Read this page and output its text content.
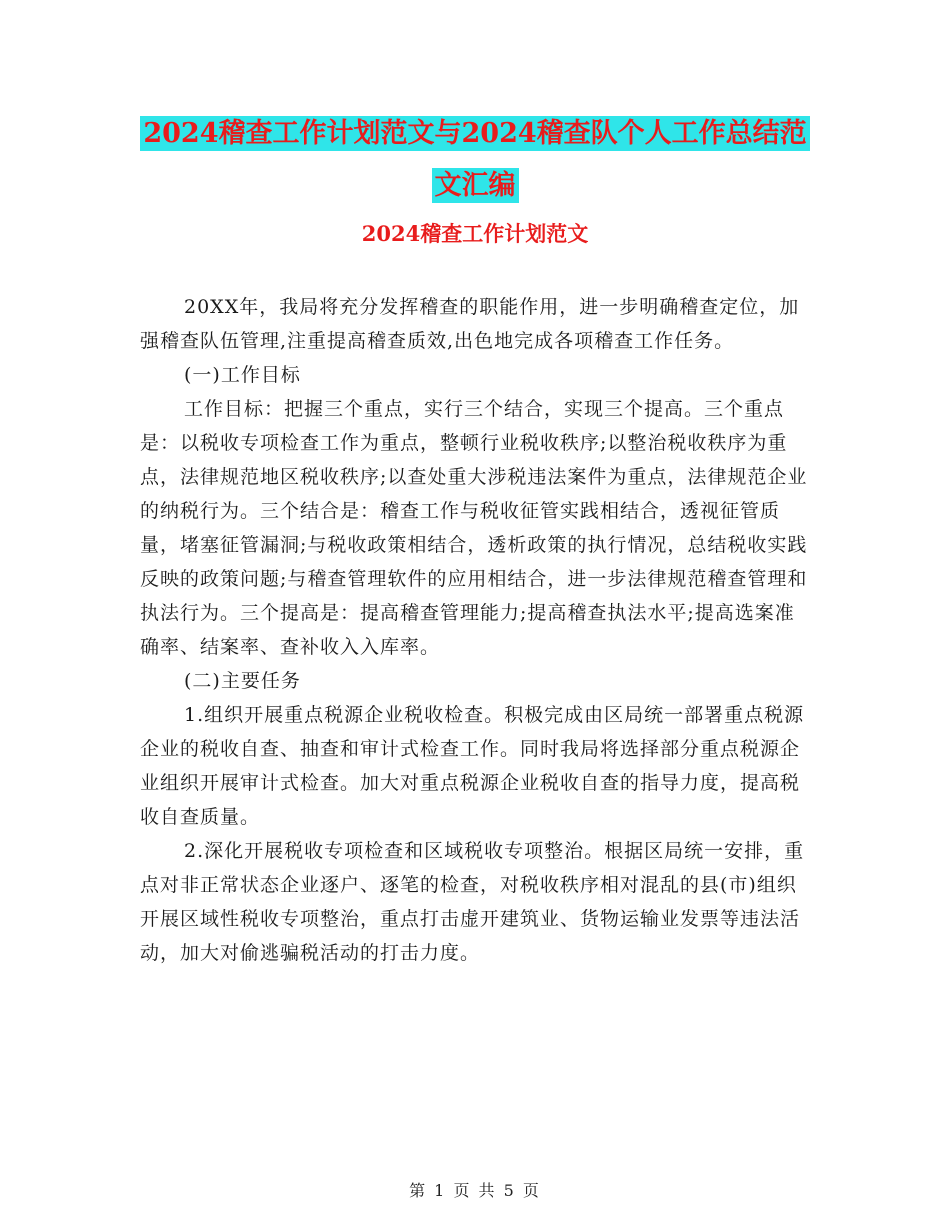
2024稽查工作计划范文与2024稽查队个人工作总结范
文汇编
2024稽查工作计划范文

20XX年，我局将充分发挥稽查的职能作用，进一步明确稽查定位，加强稽查队伍管理,注重提高稽查质效,出色地完成各项稽查工作任务。

(一)工作目标

工作目标：把握三个重点，实行三个结合，实现三个提高。三个重点是：以税收专项检查工作为重点，整顿行业税收秩序;以整治税收秩序为重点，法律规范地区税收秩序;以查处重大涉税违法案件为重点，法律规范企业的纳税行为。三个结合是：稽查工作与税收征管实践相结合，透视征管质量，堵塞征管漏洞;与税收政策相结合，透析政策的执行情况，总结税收实践反映的政策问题;与稽查管理软件的应用相结合，进一步法律规范稽查管理和执法行为。三个提高是：提高稽查管理能力;提高稽查执法水平;提高选案准确率、结案率、查补收入入库率。

(二)主要任务

1.组织开展重点税源企业税收检查。积极完成由区局统一部署重点税源企业的税收自查、抽查和审计式检查工作。同时我局将选择部分重点税源企业组织开展审计式检查。加大对重点税源企业税收自查的指导力度，提高税收自查质量。

2.深化开展税收专项检查和区域税收专项整治。根据区局统一安排，重点对非正常状态企业逐户、逐笔的检查，对税收秩序相对混乱的县(市)组织开展区域性税收专项整治，重点打击虚开建筑业、货物运输业发票等违法活动，加大对偷逃骗税活动的打击力度。

第 1 页 共 5 页
